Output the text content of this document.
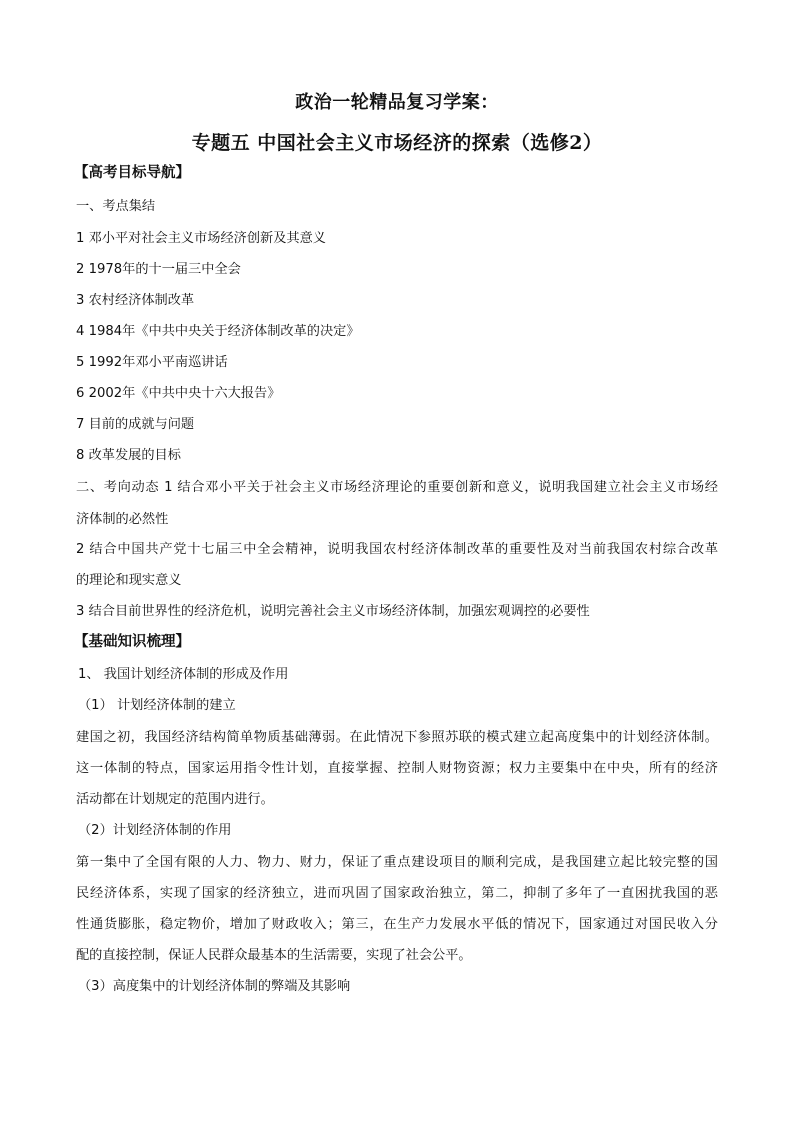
政治一轮精品复习学案：
专题五 中国社会主义市场经济的探索（选修2）
【高考目标导航】
一、考点集结
1 邓小平对社会主义市场经济创新及其意义
2 1978年的十一届三中全会
3 农村经济体制改革
4 1984年《中共中央关于经济体制改革的决定》
5 1992年邓小平南巡讲话
6 2002年《中共中央十六大报告》
7 目前的成就与问题
8 改革发展的目标
二、考向动态 1 结合邓小平关于社会主义市场经济理论的重要创新和意义，说明我国建立社会主义市场经
济体制的必然性
2 结合中国共产党十七届三中全会精神，说明我国农村经济体制改革的重要性及对当前我国农村综合改革
的理论和现实意义
3 结合目前世界性的经济危机，说明完善社会主义市场经济体制，加强宏观调控的必要性
【基础知识梳理】
1、 我国计划经济体制的形成及作用
（1） 计划经济体制的建立
建国之初，我国经济结构简单物质基础薄弱。在此情况下参照苏联的模式建立起高度集中的计划经济体制。
这一体制的特点，国家运用指令性计划，直接掌握、控制人财物资源；权力主要集中在中央，所有的经济
活动都在计划规定的范围内进行。
（2）计划经济体制的作用
第一集中了全国有限的人力、物力、财力，保证了重点建设项目的顺利完成，是我国建立起比较完整的国
民经济体系，实现了国家的经济独立，进而巩固了国家政治独立，第二，抑制了多年了一直困扰我国的恶
性通货膨胀，稳定物价，增加了财政收入；第三，在生产力发展水平低的情况下，国家通过对国民收入分
配的直接控制，保证人民群众最基本的生活需要，实现了社会公平。
（3）高度集中的计划经济体制的弊端及其影响
